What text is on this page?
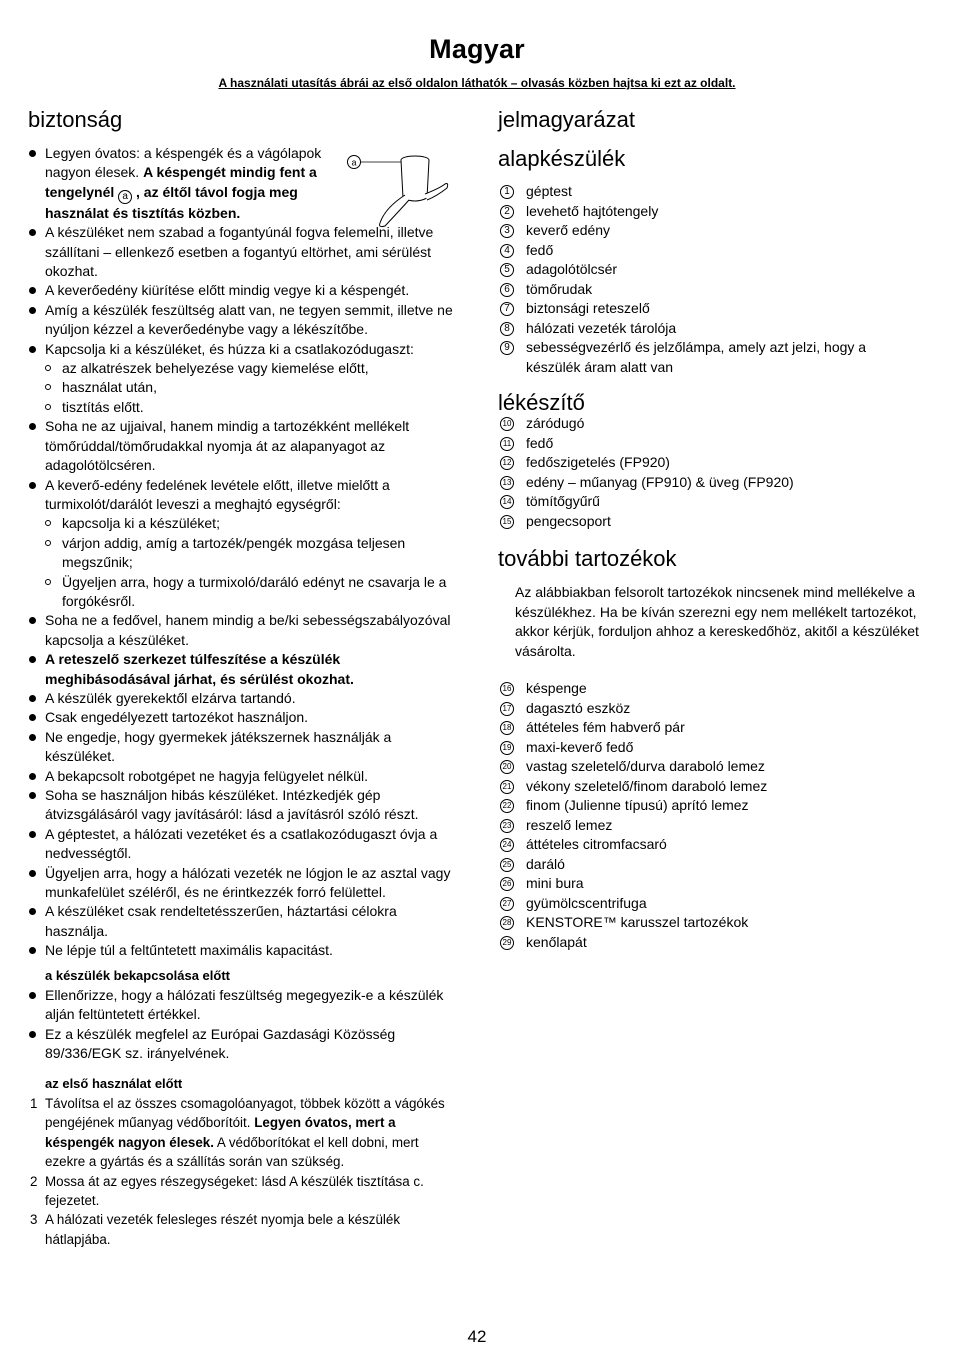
Magyar
A használati utasítás ábrái az első oldalon láthatók – olvasás közben hajtsa ki ezt az oldalt.
biztonság
Legyen óvatos: a késpengék és a vágólapok nagyon élesek. A késpengét mindig fent a tengelynél a , az éltől távol fogja meg használat és tisztítás közben.
A készüléket nem szabad a fogantyúnál fogva felemelni, illetve szállítani – ellenkező esetben a fogantyú eltörhet, ami sérülést okozhat.
A keverőedény kiürítése előtt mindig vegye ki a késpengét.
Amíg a készülék feszültség alatt van, ne tegyen semmit, illetve ne nyúljon kézzel a keverőedénybe vagy a lékészítőbe.
Kapcsolja ki a készüléket, és húzza ki a csatlakozódugaszt:
az alkatrészek behelyezése vagy kiemelése előtt,
használat után,
tisztítás előtt.
Soha ne az ujjaival, hanem mindig a tartozékként mellékelt tömőrúddal/tömőrudakkal nyomja át az alapanyagot az adagolótölcséren.
A keverő-edény fedelének levétele előtt, illetve mielőtt a turmixolót/darálót leveszi a meghajtó egységről:
kapcsolja ki a készüléket;
várjon addig, amíg a tartozék/pengék mozgása teljesen megszűnik;
Ügyeljen arra, hogy a turmixoló/daráló edényt ne csavarja le a forgókésről.
Soha ne a fedővel, hanem mindig a be/ki sebességszabályozóval kapcsolja a készüléket.
A reteszelő szerkezet túlfeszítése a készülék meghibásodásával járhat, és sérülést okozhat.
A készülék gyerekektől elzárva tartandó.
Csak engedélyezett tartozékot használjon.
Ne engedje, hogy gyermekek játékszernek használják a készüléket.
A bekapcsolt robotgépet ne hagyja felügyelet nélkül.
Soha se használjon hibás készüléket. Intézkedjék gép átvizsgálásáról vagy javításáról: lásd a javításról szóló részt.
A géptestet, a hálózati vezetéket és a csatlakozódugaszt óvja a nedvességtől.
Ügyeljen arra, hogy a hálózati vezeték ne lógjon le az asztal vagy munkafelület széléről, és ne érintkezzék forró felülettel.
A készüléket csak rendeltetésszerűen, háztartási célokra használja.
Ne lépje túl a feltűntetett maximális kapacitást.
a készülék bekapcsolása előtt
Ellenőrizze, hogy a hálózati feszültség megegyezik-e a készülék alján feltüntetett értékkel.
Ez a készülék megfelel az Európai Gazdasági Közösség 89/336/EGK sz. irányelvének.
az első használat előtt
1 Távolítsa el az összes csomagolóanyagot, többek között a vágókés pengéjének műanyag védőborítóit. Legyen óvatos, mert a késpengék nagyon élesek. A védőborítókat el kell dobni, mert ezekre a gyártás és a szállítás során van szükség.
2 Mossa át az egyes részegységeket: lásd A készülék tisztítása c. fejezetet.
3 A hálózati vezeték felesleges részét nyomja bele a készülék hátlapjába.
a
jelmagyarázat
alapkészülék
1	géptest
2	levehető hajtótengely
3	keverő edény
4	fedő
5	adagolótölcsér
6	tömőrudak
7	biztonsági reteszelő
8	hálózati vezeték tárolója
9	sebességvezérlő és jelzőlámpa, amely azt jelzi, hogy a
készülék áram alatt van
lékészítő
10 záródugó
11 fedő
12 fedőszigetelés (FP920)
13 edény – műanyag (FP910) & üveg (FP920)
14 tömítőgyűrű
15 pengecsoport
további tartozékok
Az alábbiakban felsorolt tartozékok nincsenek mind mellékelve a készülékhez. Ha be kíván szerezni egy nem mellékelt tartozékot, akkor kérjük, forduljon ahhoz a kereskedőhöz, akitől a készüléket vásárolta.
16 késpenge
17 dagasztó eszköz
18 áttételes fém habverő pár
19 maxi-keverő fedő
20 vastag szeletelő/durva daraboló lemez
21 vékony szeletelő/finom daraboló lemez
22 finom (Julienne típusú) aprító lemez
23 reszelő lemez
24 áttételes citromfacsaró
25 daráló
26 mini bura
27 gyümölcscentrifuga
28 KENSTORE™ karusszel tartozékok
29 kenőlapát
42
